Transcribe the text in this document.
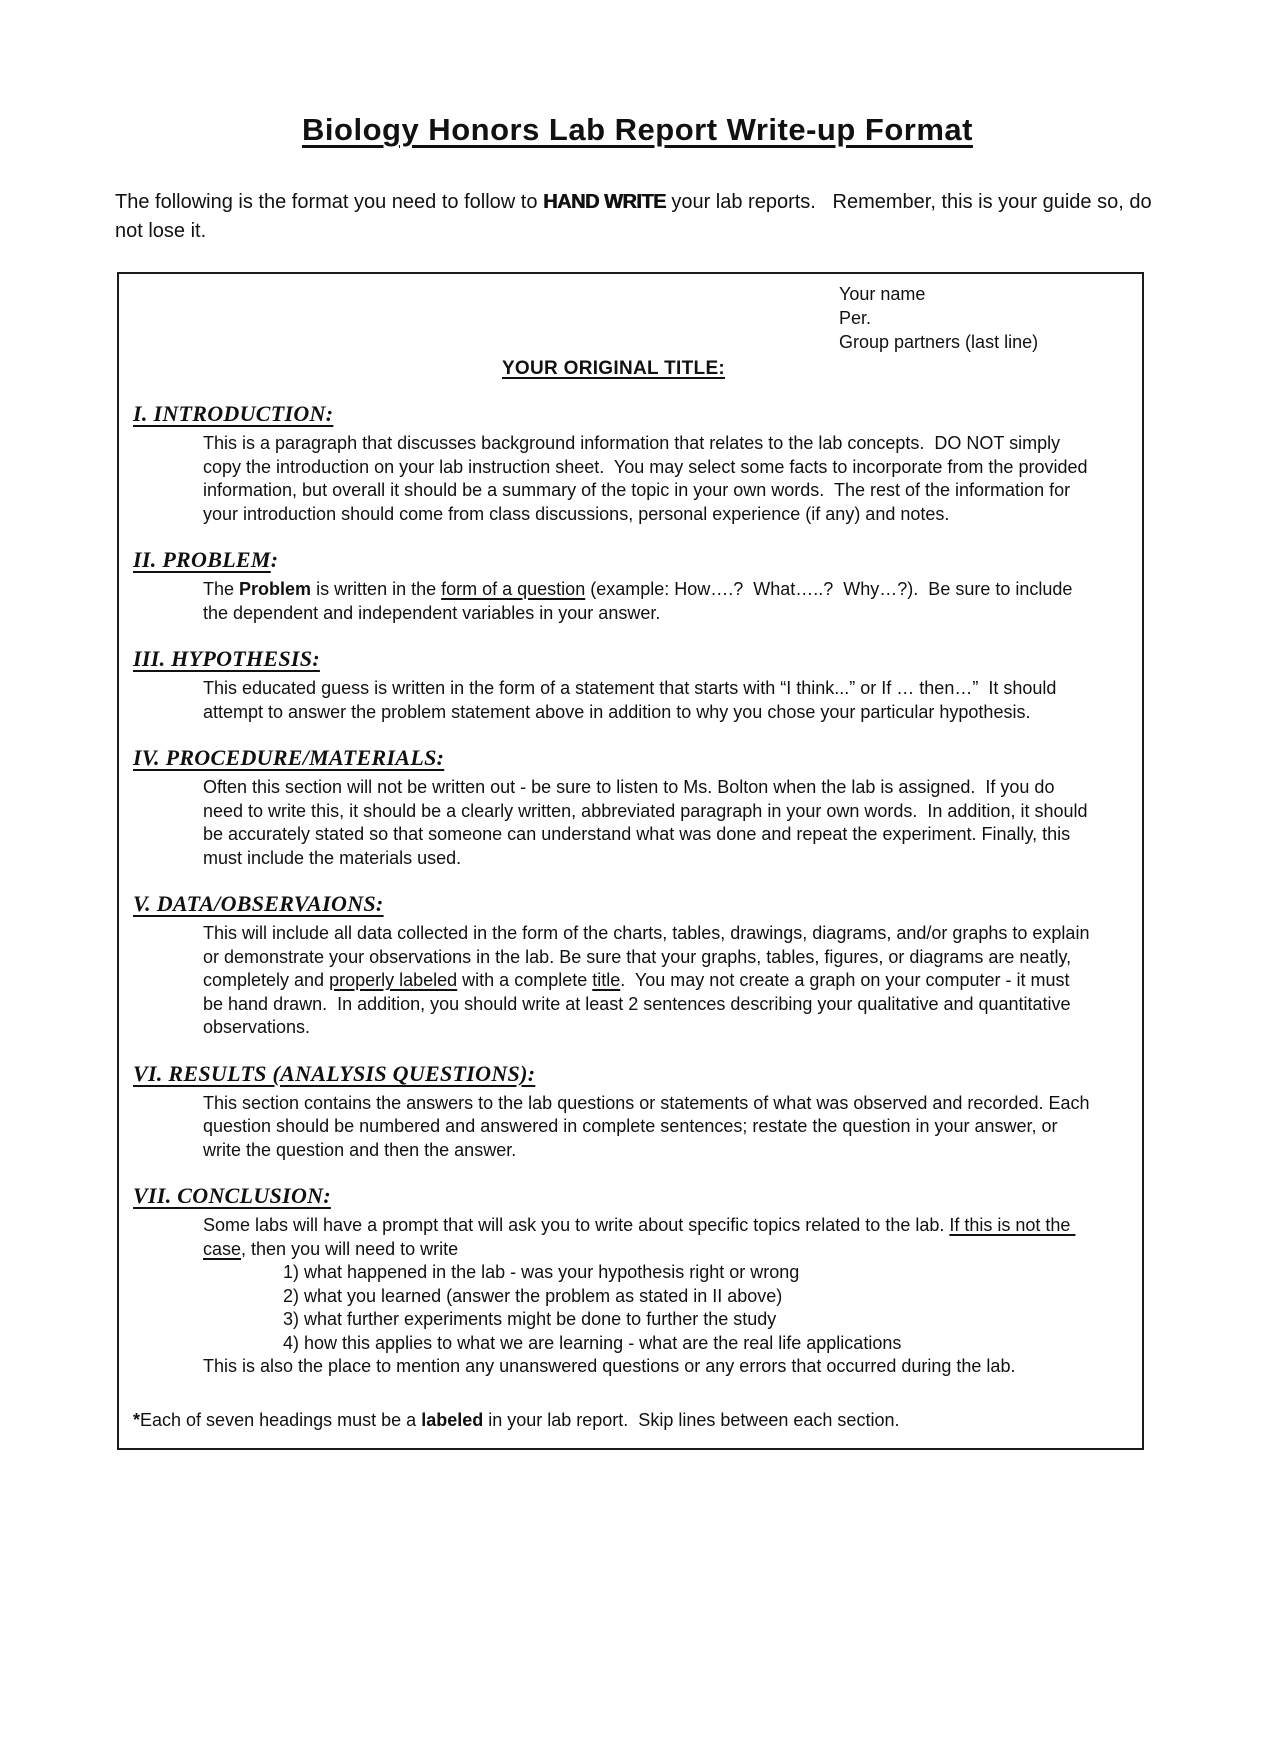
Biology Honors Lab Report Write-up Format

The following is the format you need to follow to HAND WRITE your lab reports.   Remember, this is your guide so, do not lose it.

Your name
Per.
Group partners (last line)
YOUR ORIGINAL TITLE:
I. INTRODUCTION:

This is a paragraph that discusses background information that relates to the lab concepts.  DO NOT simply copy the introduction on your lab instruction sheet.  You may select some facts to incorporate from the provided information, but overall it should be a summary of the topic in your own words.  The rest of the information for your introduction should come from class discussions, personal experience (if any) and notes.

II. PROBLEM:

The Problem is written in the form of a question (example: How….?  What…..?  Why…?).  Be sure to include the dependent and independent variables in your answer.

III. HYPOTHESIS:

This educated guess is written in the form of a statement that starts with “I think...” or If … then…”  It should attempt to answer the problem statement above in addition to why you chose your particular hypothesis.

IV. PROCEDURE/MATERIALS:

Often this section will not be written out - be sure to listen to Ms. Bolton when the lab is assigned.  If you do need to write this, it should be a clearly written, abbreviated paragraph in your own words.  In addition, it should be accurately stated so that someone can understand what was done and repeat the experiment. Finally, this must include the materials used.

V. DATA/OBSERVAIONS:

This will include all data collected in the form of the charts, tables, drawings, diagrams, and/or graphs to explain or demonstrate your observations in the lab. Be sure that your graphs, tables, figures, or diagrams are neatly, completely and properly labeled with a complete title.  You may not create a graph on your computer - it must be hand drawn.  In addition, you should write at least 2 sentences describing your qualitative and quantitative observations.

VI. RESULTS (ANALYSIS QUESTIONS):

This section contains the answers to the lab questions or statements of what was observed and recorded. Each question should be numbered and answered in complete sentences; restate the question in your answer, or write the question and then the answer.

VII. CONCLUSION:

Some labs will have a prompt that will ask you to write about specific topics related to the lab. If this is not the case, then you will need to write

1) what happened in the lab - was your hypothesis right or wrong
2) what you learned (answer the problem as stated in II above)
3) what further experiments might be done to further the study
4) how this applies to what we are learning - what are the real life applications

This is also the place to mention any unanswered questions or any errors that occurred during the lab.

*Each of seven headings must be a labeled in your lab report.  Skip lines between each section.
